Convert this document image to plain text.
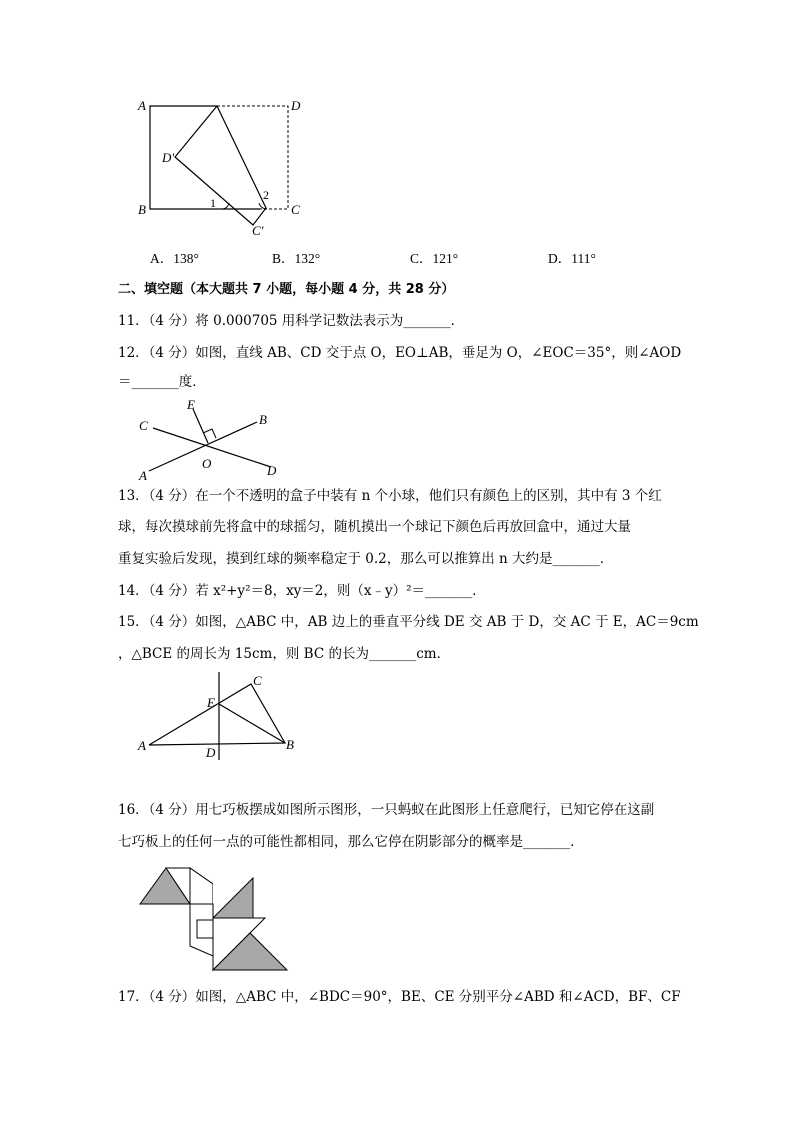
A	D
D′
B	C
C′
1
2
A．138°	B．132°	C．121°	D．111°
二、填空题（本大题共 7 小题，每小题 4 分，共 28 分）
11．（4 分）将 0.000705 用科学记数法表示为_______．
12．（4 分）如图，直线 AB、CD 交于点 O，EO⊥AB，垂足为 O，∠EOC＝35°，则∠AOD
＝_______度．
C
E
B
A
O	D
13．（4 分）在一个不透明的盒子中装有 n 个小球，他们只有颜色上的区别，其中有 3 个红
球，每次摸球前先将盒中的球摇匀，随机摸出一个球记下颜色后再放回盒中，通过大量
重复实验后发现，摸到红球的频率稳定于 0.2，那么可以推算出 n 大约是_______．
14．（4 分）若 x²+y²＝8，xy＝2，则（x﹣y）²＝_______．
15．（4 分）如图，△ABC 中，AB 边上的垂直平分线 DE 交 AB 于 D，交 AC 于 E，AC＝9cm
，△BCE 的周长为 15cm，则 BC 的长为_______cm．
C
E
A	D
B
16．（4 分）用七巧板摆成如图所示图形，一只蚂蚁在此图形上任意爬行，已知它停在这副
七巧板上的任何一点的可能性都相同，那么它停在阴影部分的概率是_______．
17．（4 分）如图，△ABC 中，∠BDC＝90°，BE、CE 分别平分∠ABD 和∠ACD，BF、CF
